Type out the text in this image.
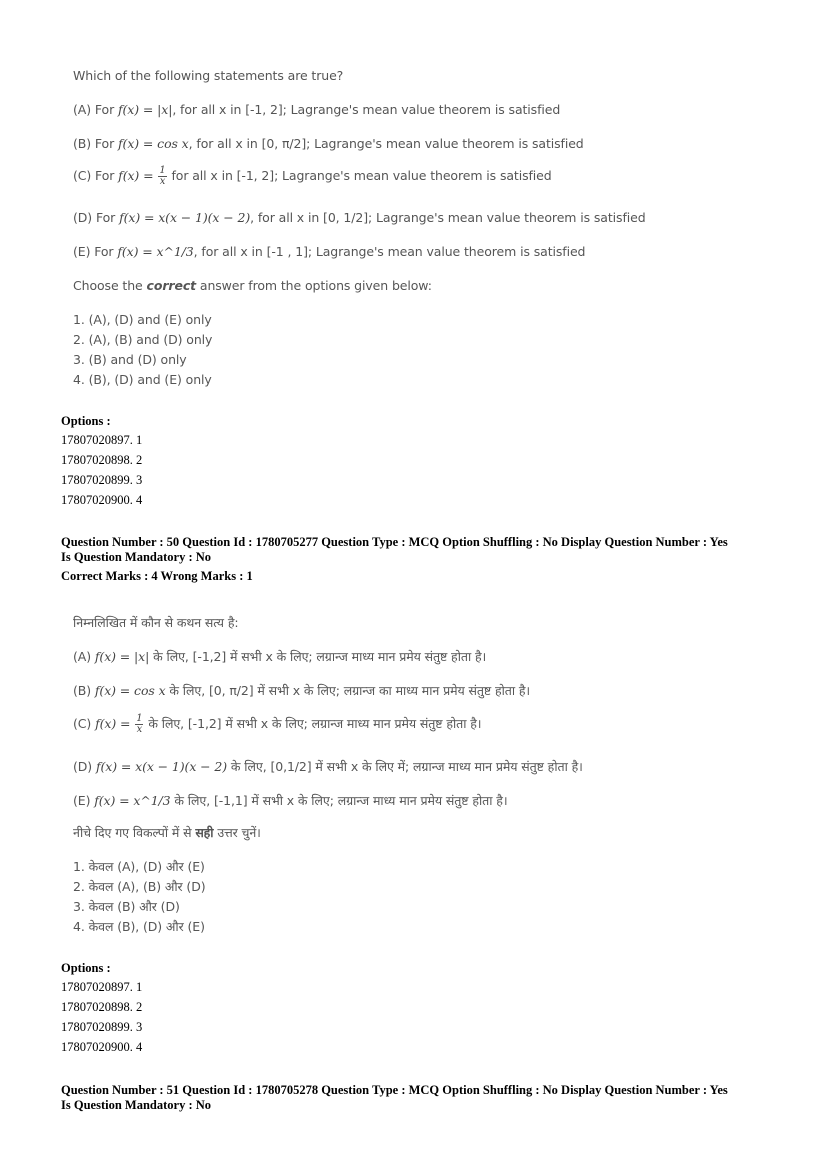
Which of the following statements are true?
(A) For f(x) = |x|, for all x in [-1, 2]; Lagrange's mean value theorem is satisfied
(B) For f(x) = cos x, for all x in [0, π/2]; Lagrange's mean value theorem is satisfied
(C) For $f(x) = \frac{1}{x}$ for all x in [-1, 2]; Lagrange's mean value theorem is satisfied
(D) For f(x) = x(x − 1)(x − 2), for all x in [0, 1/2]; Lagrange's mean value theorem is satisfied
(E) For f(x) = x^1/3, for all x in [-1 , 1]; Lagrange's mean value theorem is satisfied
Choose the correct answer from the options given below:
1. (A), (D) and (E) only
2. (A), (B) and (D) only
3. (B) and (D) only
4. (B), (D) and (E) only
Options :
17807020897. 1
17807020898. 2
17807020899. 3
17807020900. 4
Question Number : 50 Question Id : 1780705277 Question Type : MCQ Option Shuffling : No Display Question Number : Yes
Is Question Mandatory : No
Correct Marks : 4 Wrong Marks : 1
निम्नलिखित में कौन से कथन सत्य है:
(A) f(x) = |x| के लिए, [-1,2] में सभी x के लिए; लग्रान्ज माध्य मान प्रमेय संतुष्ट होता है।
(B) f(x) = cos x के लिए, [0, π/2] में सभी x के लिए; लग्रान्ज का माध्य मान प्रमेय संतुष्ट होता है।
(C) $f(x) = \frac{1}{x}$ के लिए, [-1,2] में सभी x के लिए; लग्रान्ज माध्य मान प्रमेय संतुष्ट होता है।
(D) f(x) = x(x − 1)(x − 2) के लिए, [0,1/2] में सभी x के लिए में; लग्रान्ज माध्य मान प्रमेय संतुष्ट होता है।
(E) f(x) = x^1/3 के लिए, [-1,1] में सभी x के लिए; लग्रान्ज माध्य मान प्रमेय संतुष्ट होता है।
नीचे दिए गए विकल्पों में से सही उत्तर चुनें।
1. केवल (A), (D) और (E)
2. केवल (A), (B) और (D)
3. केवल (B) और (D)
4. केवल (B), (D) और (E)
Options :
17807020897. 1
17807020898. 2
17807020899. 3
17807020900. 4
Question Number : 51 Question Id : 1780705278 Question Type : MCQ Option Shuffling : No Display Question Number : Yes
Is Question Mandatory : No
